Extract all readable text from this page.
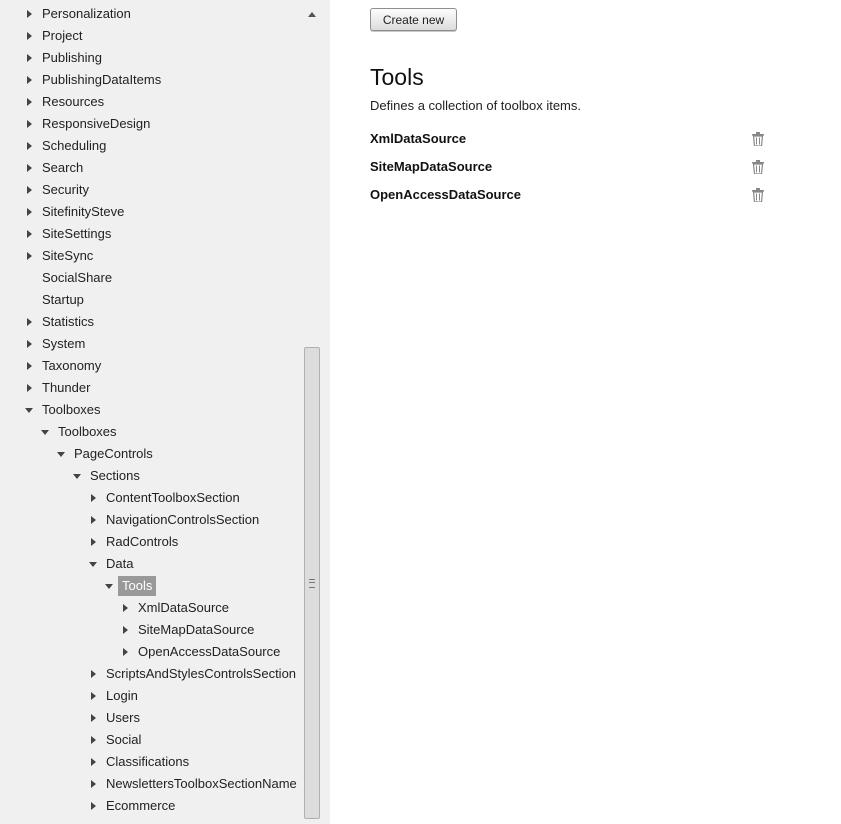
Personalization
Project
Publishing
PublishingDataItems
Resources
ResponsiveDesign
Scheduling
Search
Security
SitefinitySteve
SiteSettings
SiteSync
SocialShare
Startup
Statistics
System
Taxonomy
Thunder
Toolboxes
Toolboxes
PageControls
Sections
ContentToolboxSection
NavigationControlsSection
RadControls
Data
Tools
XmlDataSource
SiteMapDataSource
OpenAccessDataSource
ScriptsAndStylesControlsSection
Login
Users
Social
Classifications
NewslettersToolboxSectionName
Ecommerce
Create new
Tools

Defines a collection of toolbox items.

XmlDataSource
SiteMapDataSource
OpenAccessDataSource
